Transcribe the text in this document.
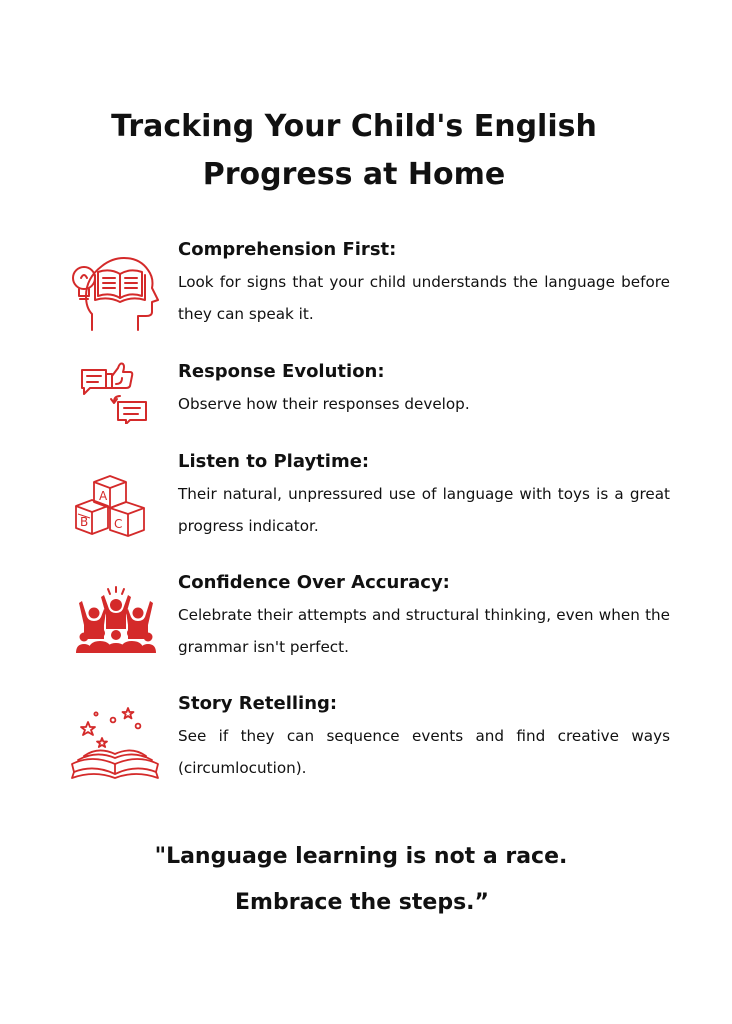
Tracking Your Child's English
Progress at Home
Comprehension First:
Look for signs that your child understands the language before they can speak it.
Response Evolution:
Observe how their responses develop.
A
B C
Listen to Playtime:
Their natural, unpressured use of language with toys is a great progress indicator.
Confidence Over Accuracy:
Celebrate their attempts and structural thinking, even when the grammar isn't perfect.
Story Retelling:
See if they can sequence events and find creative ways (circumlocution).
"Language learning is not a race.
Embrace the steps.”
